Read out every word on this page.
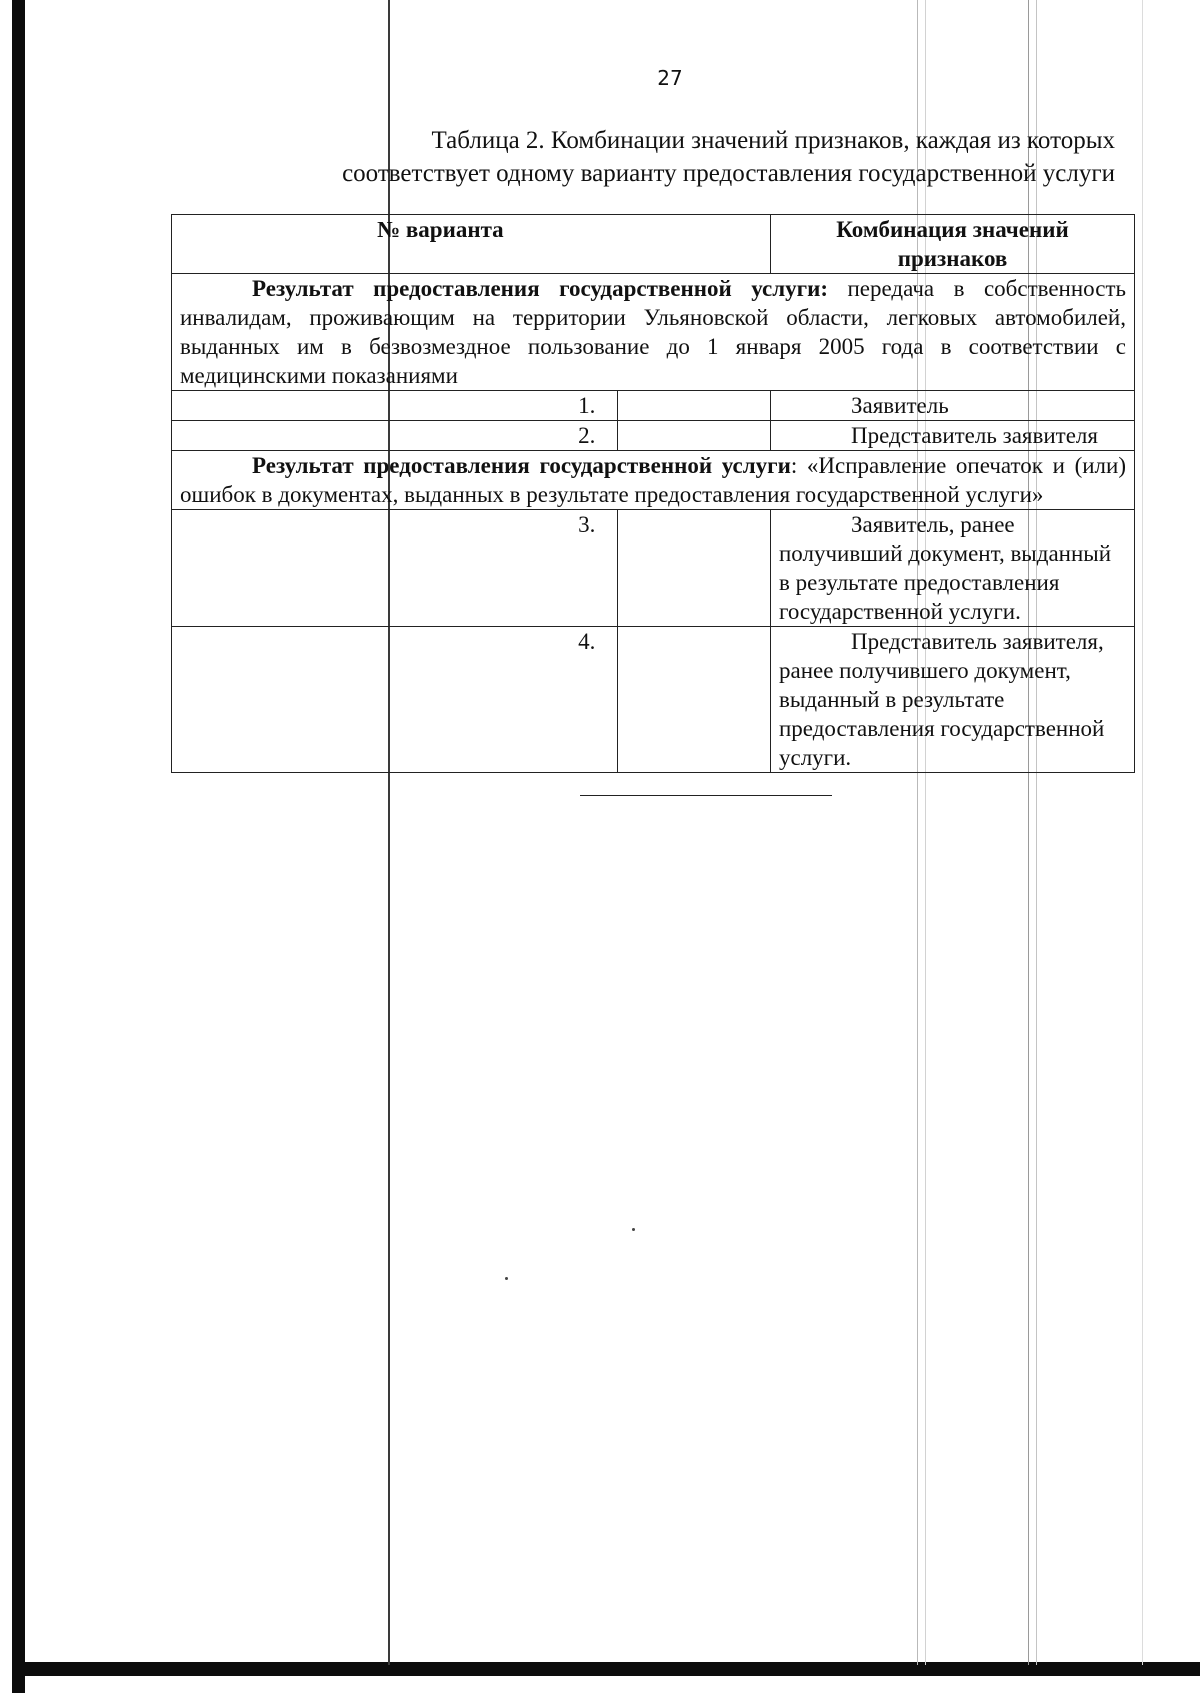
27
Таблица 2. Комбинации значений признаков, каждая из которых
соответствует одному варианту предоставления государственной услуги
№ варианта		Комбинация значений признаков
Результат предоставления государственной услуги: передача в собственность инвалидам, проживающим на территории Ульяновской области, легковых автомобилей, выданных им в безвозмездное пользование до 1 января 2005 года в соответствии с медицинскими показаниями		
1.		Заявитель
2.		Представитель заявителя
Результат предоставления государственной услуги: «Исправление опечаток и (или) ошибок в документах, выданных в результате предоставления государственной услуги»		
3.		Заявитель, ранее получивший документ, выданный в результате предоставления государственной услуги.
4.		Представитель заявителя, ранее получившего документ, выданный в результате предоставления государственной услуги.
